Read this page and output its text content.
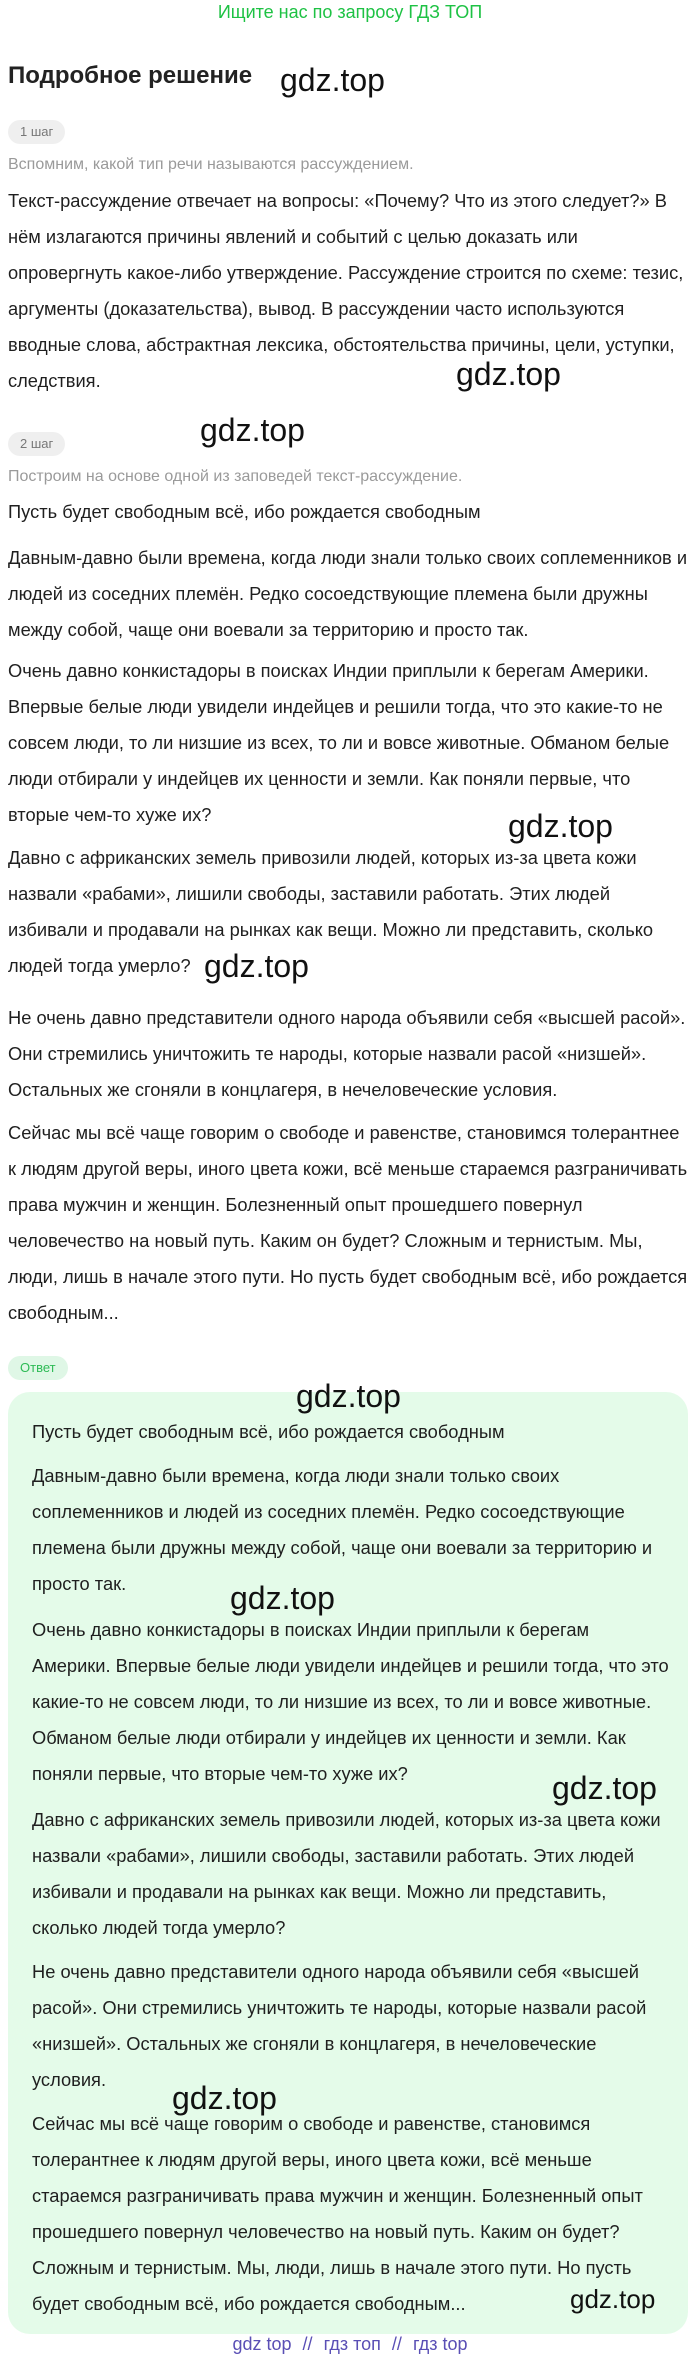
Ищите нас по запросу ГДЗ ТОП
Подробное решение
1 шаг

Вспомним, какой тип речи называются рассуждением.

Текст-рассуждение отвечает на вопросы: «Почему? Что из этого следует?» В нём излагаются причины явлений и событий с целью доказать или опровергнуть какое-либо утверждение. Рассуждение строится по схеме: тезис, аргументы (доказательства), вывод. В рассуждении часто используются вводные слова, абстрактная лексика, обстоятельства причины, цели, уступки, следствия.

2 шаг

Построим на основе одной из заповедей текст-рассуждение.

Пусть будет свободным всё, ибо рождается свободным

Давным-давно были времена, когда люди знали только своих соплеменников и людей из соседних племён. Редко сосоедствующие племена были дружны между собой, чаще они воевали за территорию и просто так.

Очень давно конкистадоры в поисках Индии приплыли к берегам Америки. Впервые белые люди увидели индейцев и решили тогда, что это какие-то не совсем люди, то ли низшие из всех, то ли и вовсе животные. Обманом белые люди отбирали у индейцев их ценности и земли. Как поняли первые, что вторые чем-то хуже их?

Давно с африканских земель привозили людей, которых из-за цвета кожи назвали «рабами», лишили свободы, заставили работать. Этих людей избивали и продавали на рынках как вещи. Можно ли представить, сколько людей тогда умерло?

Не очень давно представители одного народа объявили себя «высшей расой». Они стремились уничтожить те народы, которые назвали расой «низшей». Остальных же сгоняли в концлагеря, в нечеловеческие условия.

Сейчас мы всё чаще говорим о свободе и равенстве, становимся толерантнее к людям другой веры, иного цвета кожи, всё меньше стараемся разграничивать права мужчин и женщин. Болезненный опыт прошедшего повернул человечество на новый путь. Каким он будет? Сложным и тернистым. Мы, люди, лишь в начале этого пути. Но пусть будет свободным всё, ибо рождается свободным...

Ответ

Пусть будет свободным всё, ибо рождается свободным

Давным-давно были времена, когда люди знали только своих соплеменников и людей из соседних племён. Редко сосоедствующие племена были дружны между собой, чаще они воевали за территорию и просто так.

Очень давно конкистадоры в поисках Индии приплыли к берегам Америки. Впервые белые люди увидели индейцев и решили тогда, что это какие-то не совсем люди, то ли низшие из всех, то ли и вовсе животные. Обманом белые люди отбирали у индейцев их ценности и земли. Как поняли первые, что вторые чем-то хуже их?

Давно с африканских земель привозили людей, которых из-за цвета кожи назвали «рабами», лишили свободы, заставили работать. Этих людей избивали и продавали на рынках как вещи. Можно ли представить, сколько людей тогда умерло?

Не очень давно представители одного народа объявили себя «высшей расой». Они стремились уничтожить те народы, которые назвали расой «низшей». Остальных же сгоняли в концлагеря, в нечеловеческие условия.

Сейчас мы всё чаще говорим о свободе и равенстве, становимся толерантнее к людям другой веры, иного цвета кожи, всё меньше стараемся разграничивать права мужчин и женщин. Болезненный опыт прошедшего повернул человечество на новый путь. Каким он будет? Сложным и тернистым. Мы, люди, лишь в начале этого пути. Но пусть будет свободным всё, ибо рождается свободным...

gdz.top
gdz.top
gdz.top
gdz.top
gdz.top
gdz.top
gdz.top
gdz.top
gdz.top
gdz.top
gdz top // гдз топ // гдз top
